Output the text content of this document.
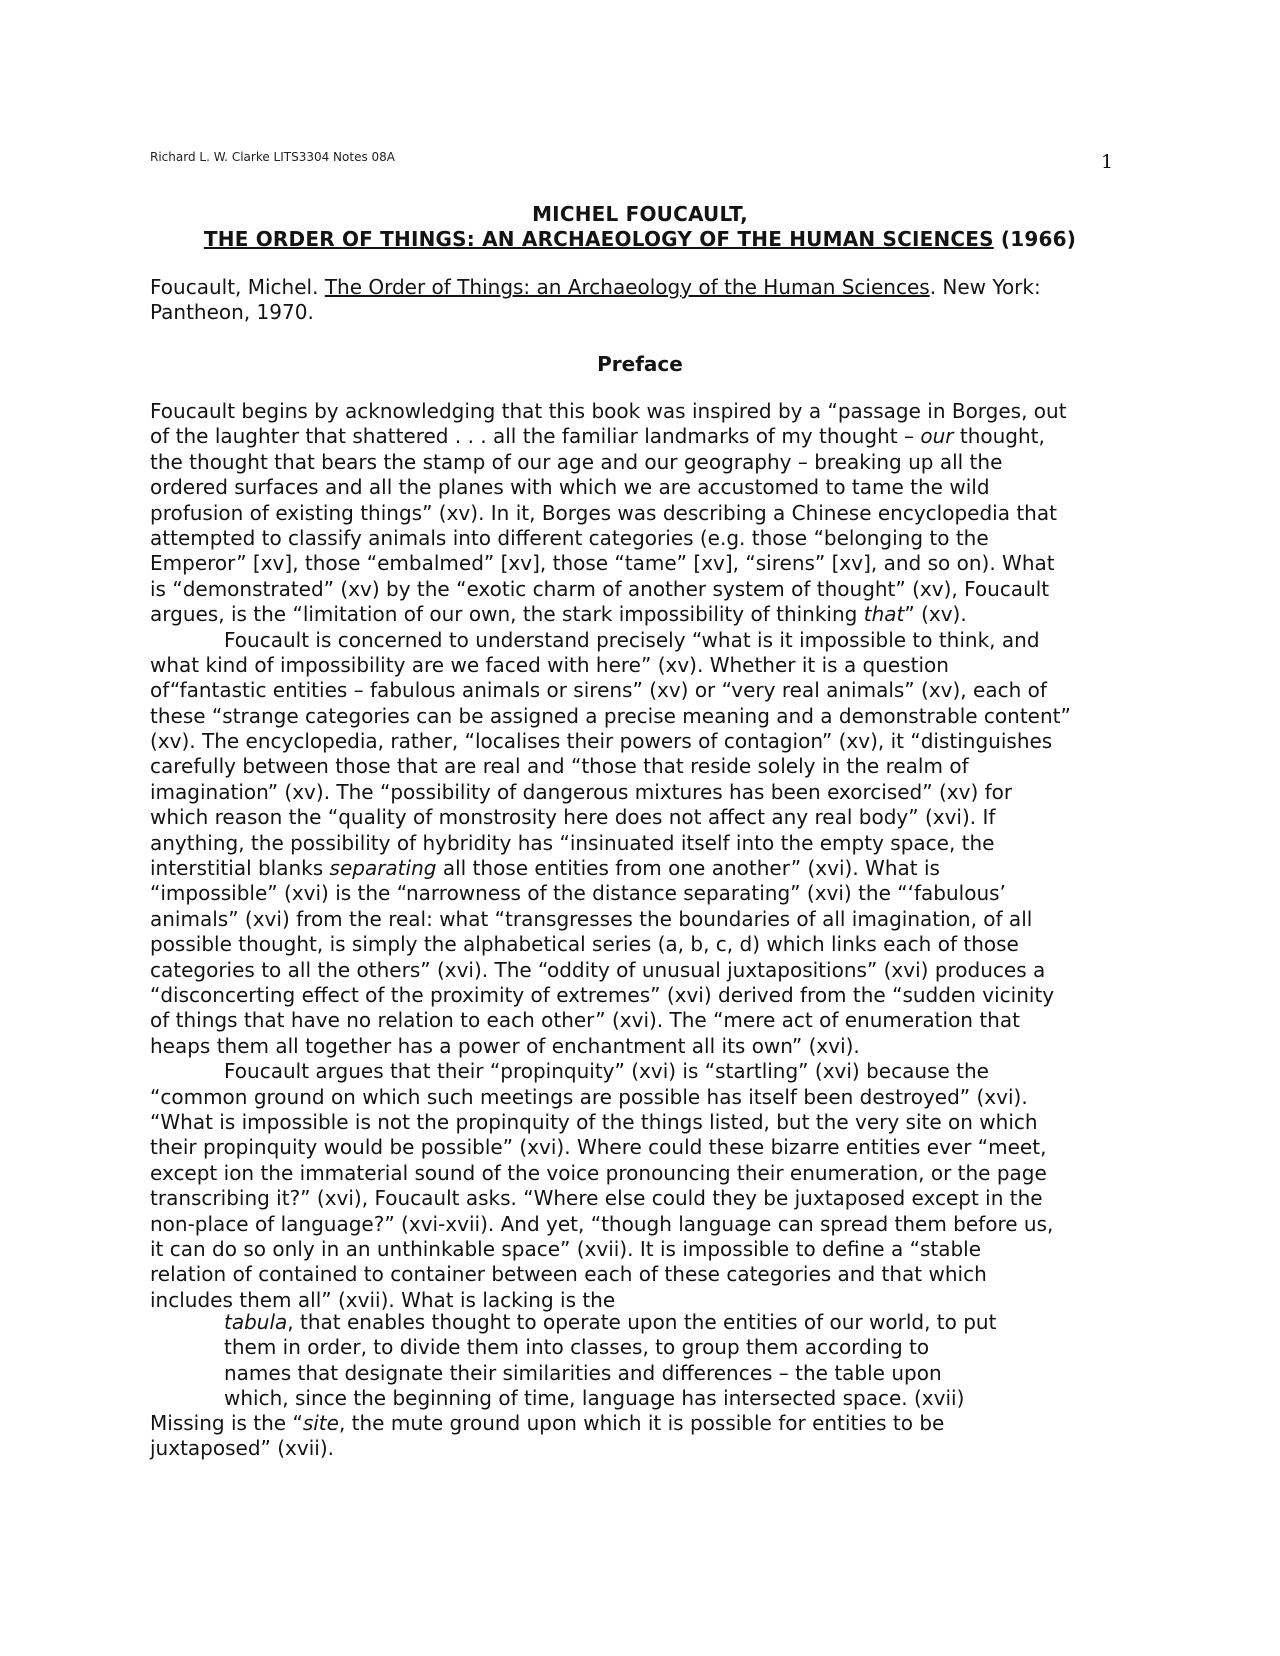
Richard L. W. Clarke LITS3304 Notes 08A	1
MICHEL FOUCAULT,
THE ORDER OF THINGS: AN ARCHAEOLOGY OF THE HUMAN SCIENCES (1966)
Foucault, Michel. The Order of Things: an Archaeology of the Human Sciences. New York:
Pantheon, 1970.
Preface
Foucault begins by acknowledging that this book was inspired by a “passage in Borges, out
of the laughter that shattered . . . all the familiar landmarks of my thought – our thought,
the thought that bears the stamp of our age and our geography – breaking up all the
ordered surfaces and all the planes with which we are accustomed to tame the wild
profusion of existing things” (xv). In it, Borges was describing a Chinese encyclopedia that
attempted to classify animals into different categories (e.g. those “belonging to the
Emperor” [xv], those “embalmed” [xv], those “tame” [xv], “sirens” [xv], and so on). What
is “demonstrated” (xv) by the “exotic charm of another system of thought” (xv), Foucault
argues, is the “limitation of our own, the stark impossibility of thinking that” (xv).
Foucault is concerned to understand precisely “what is it impossible to think, and
what kind of impossibility are we faced with here” (xv). Whether it is a question
of“fantastic entities – fabulous animals or sirens” (xv) or “very real animals” (xv), each of
these “strange categories can be assigned a precise meaning and a demonstrable content”
(xv). The encyclopedia, rather, “localises their powers of contagion” (xv), it “distinguishes
carefully between those that are real and “those that reside solely in the realm of
imagination” (xv). The “possibility of dangerous mixtures has been exorcised” (xv) for
which reason the “quality of monstrosity here does not affect any real body” (xvi). If
anything, the possibility of hybridity has “insinuated itself into the empty space, the
interstitial blanks separating all those entities from one another” (xvi). What is
“impossible” (xvi) is the “narrowness of the distance separating” (xvi) the “‘fabulous’
animals” (xvi) from the real: what “transgresses the boundaries of all imagination, of all
possible thought, is simply the alphabetical series (a, b, c, d) which links each of those
categories to all the others” (xvi). The “oddity of unusual juxtapositions” (xvi) produces a
“disconcerting effect of the proximity of extremes” (xvi) derived from the “sudden vicinity
of things that have no relation to each other” (xvi). The “mere act of enumeration that
heaps them all together has a power of enchantment all its own” (xvi).
Foucault argues that their “propinquity” (xvi) is “startling” (xvi) because the
“common ground on which such meetings are possible has itself been destroyed” (xvi).
“What is impossible is not the propinquity of the things listed, but the very site on which
their propinquity would be possible” (xvi). Where could these bizarre entities ever “meet,
except ion the immaterial sound of the voice pronouncing their enumeration, or the page
transcribing it?” (xvi), Foucault asks. “Where else could they be juxtaposed except in the
non-place of language?” (xvi-xvii). And yet, “though language can spread them before us,
it can do so only in an unthinkable space” (xvii). It is impossible to define a “stable
relation of contained to container between each of these categories and that which
includes them all” (xvii). What is lacking is the
tabula, that enables thought to operate upon the entities of our world, to put
them in order, to divide them into classes, to group them according to
names that designate their similarities and differences – the table upon
which, since the beginning of time, language has intersected space. (xvii)
Missing is the “site, the mute ground upon which it is possible for entities to be
juxtaposed” (xvii).
